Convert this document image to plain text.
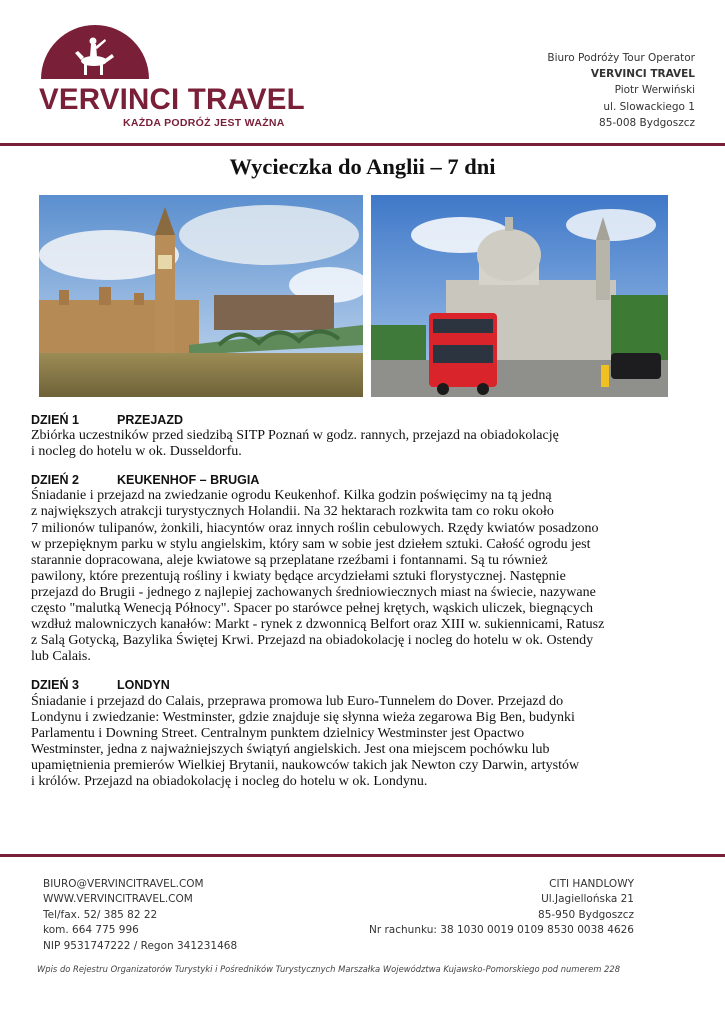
VERVINCI TRAVEL
KAŻDA PODRÓŻ JEST WAŻNA
Biuro Podróży Tour Operator
VERVINCI TRAVEL
Piotr Werwiński
ul. Slowackiego 1
85-008 Bydgoszcz
Wycieczka do Anglii – 7 dni
DZIEŃ 1	PRZEJAZD

Zbiórka uczestników przed siedzibą SITP Poznań w godz. rannych, przejazd na obiadokolację
i nocleg do hotelu w ok. Dusseldorfu.

DZIEŃ 2	KEUKENHOF – BRUGIA

Śniadanie i przejazd na zwiedzanie ogrodu Keukenhof. Kilka godzin poświęcimy na tą jedną
z największych atrakcji turystycznych Holandii. Na 32 hektarach rozkwita tam co roku około
7 milionów tulipanów, żonkili, hiacyntów oraz innych roślin cebulowych. Rzędy kwiatów posadzono
w przepięknym parku w stylu angielskim, który sam w sobie jest dziełem sztuki. Całość ogrodu jest
starannie dopracowana, aleje kwiatowe są przeplatane rzeźbami i fontannami. Są tu również
pawilony, które prezentują rośliny i kwiaty będące arcydziełami sztuki florystycznej. Następnie
przejazd do Brugii - jednego z najlepiej zachowanych średniowiecznych miast na świecie, nazywane
często "malutką Wenecją Północy". Spacer po starówce pełnej krętych, wąskich uliczek, biegnących
wzdłuż malowniczych kanałów: Markt - rynek z dzwonnicą Belfort oraz XIII w. sukiennicami, Ratusz
z Salą Gotycką, Bazylika Świętej Krwi. Przejazd na obiadokolację i nocleg do hotelu w ok. Ostendy
lub Calais.

DZIEŃ 3	LONDYN

Śniadanie i przejazd do Calais, przeprawa promowa lub Euro-Tunnelem do Dover. Przejazd do
Londynu i zwiedzanie: Westminster, gdzie znajduje się słynna wieża zegarowa Big Ben, budynki
Parlamentu i Downing Street. Centralnym punktem dzielnicy Westminster jest Opactwo
Westminster, jedna z najważniejszych świątyń angielskich. Jest ona miejscem pochówku lub
upamiętnienia premierów Wielkiej Brytanii, naukowców takich jak Newton czy Darwin, artystów
i królów. Przejazd na obiadokolację i nocleg do hotelu w ok. Londynu.

BIURO@VERVINCITRAVEL.COM
WWW.VERVINCITRAVEL.COM
Tel/fax. 52/ 385 82 22
kom. 664 775 996
NIP 9531747222 / Regon 341231468
CITI HANDLOWY
Ul.Jagiellońska 21
85-950 Bydgoszcz
Nr rachunku: 38 1030 0019 0109 8530 0038 4626
Wpis do Rejestru Organizatorów Turystyki i Pośredników Turystycznych Marszałka Województwa Kujawsko-Pomorskiego pod numerem 228
